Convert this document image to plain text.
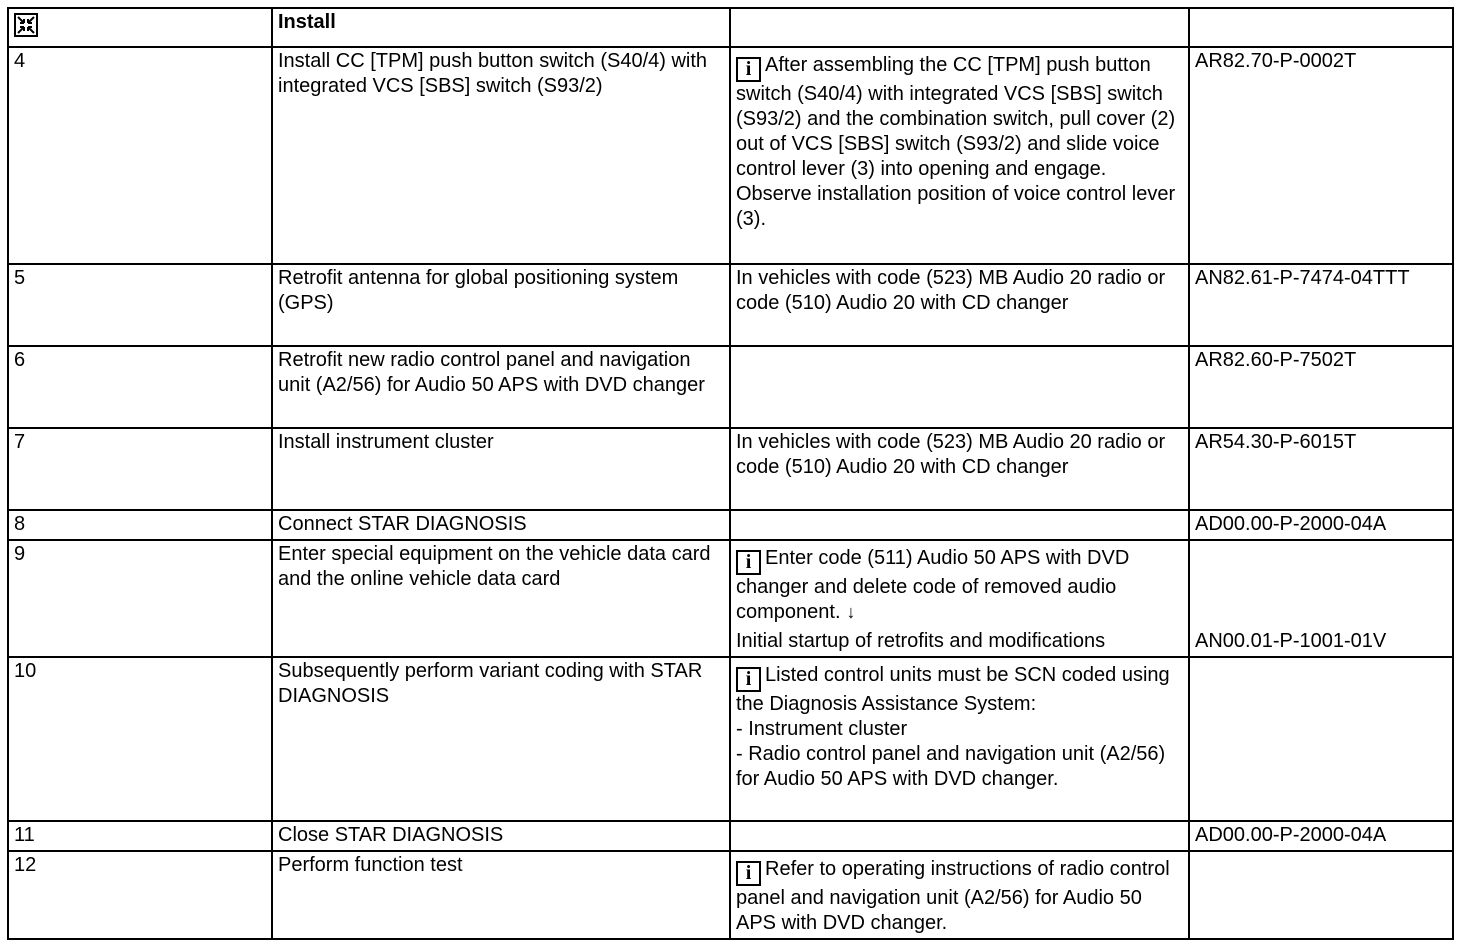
	Install		
4	Install CC [TPM] push button switch (S40/4) with integrated VCS [SBS] switch (S93/2)	i After assembling the CC [TPM] push button switch (S40/4) with integrated VCS [SBS] switch (S93/2) and the combination switch, pull cover (2) out of VCS [SBS] switch (S93/2) and slide voice control lever (3) into opening and engage.
Observe installation position of voice control lever (3).	AR82.70-P-0002T
5	Retrofit antenna for global positioning system (GPS)	In vehicles with code (523) MB Audio 20 radio or code (510) Audio 20 with CD changer	AN82.61-P-7474-04TTT
6	Retrofit new radio control panel and navigation unit (A2/56) for Audio 50 APS with DVD changer		AR82.60-P-7502T
7	Install instrument cluster	In vehicles with code (523) MB Audio 20 radio or code (510) Audio 20 with CD changer	AR54.30-P-6015T
8	Connect STAR DIAGNOSIS		AD00.00-P-2000-04A
9	Enter special equipment on the vehicle data card and the online vehicle data card	i Enter code (511) Audio 50 APS with DVD changer and delete code of removed audio component. ↓
Initial startup of retrofits and modifications	AN00.01-P-1001-01V

10	Subsequently perform variant coding with STAR DIAGNOSIS	i Listed control units must be SCN coded using the Diagnosis Assistance System:
- Instrument cluster
- Radio control panel and navigation unit (A2/56) for Audio 50 APS with DVD changer.	

11	Close STAR DIAGNOSIS		AD00.00-P-2000-04A
12	Perform function test	i Refer to operating instructions of radio control panel and navigation unit (A2/56) for Audio 50 APS with DVD changer.	
